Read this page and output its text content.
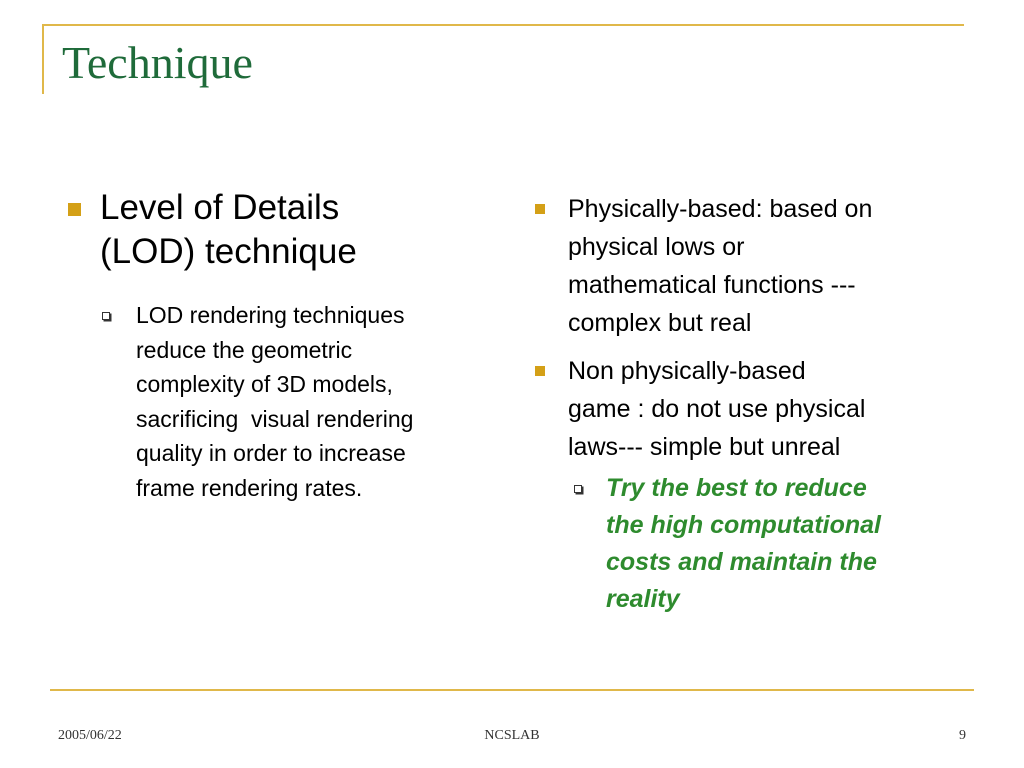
Technique
Level of Details
(LOD) technique
LOD rendering techniques
reduce the geometric
complexity of 3D models,
sacrificing  visual rendering
quality in order to increase
frame rendering rates.
Physically-based: based on
physical lows or
mathematical functions ---
complex but real
Non physically-based
game : do not use physical
laws--- simple but unreal
Try the best to reduce
the high computational
costs and maintain the
reality
2005/06/22	NCSLAB	9
